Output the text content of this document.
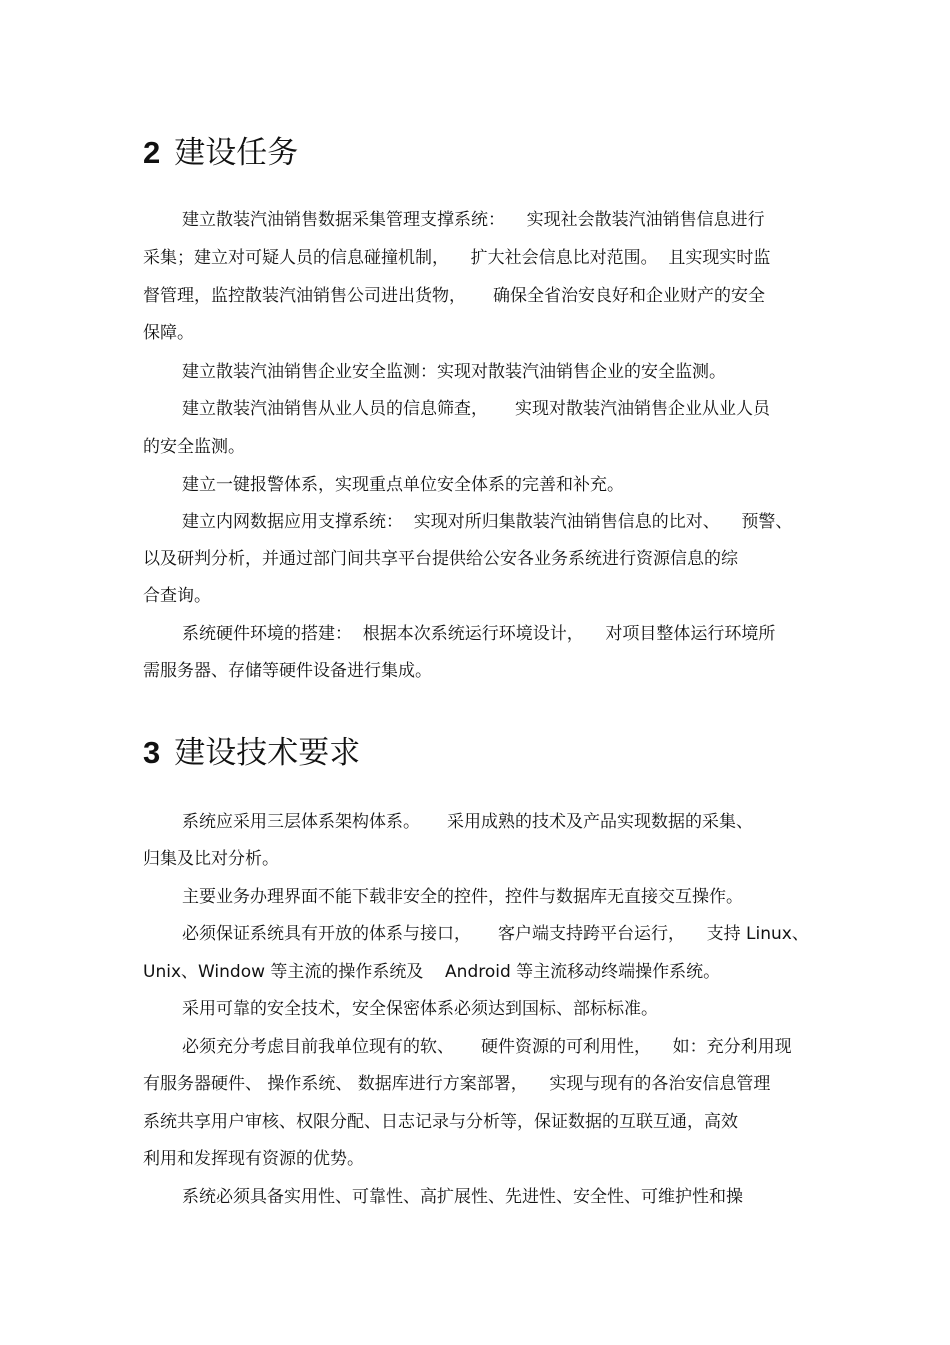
2 建设任务

建立散装汽油销售数据采集管理支撑系统：    实现社会散装汽油销售信息进行

采集；建立对可疑人员的信息碰撞机制，    扩大社会信息比对范围。  且实现实时监

督管理，监控散装汽油销售公司进出货物，     确保全省治安良好和企业财产的安全

保障。

建立散装汽油销售企业安全监测：实现对散装汽油销售企业的安全监测。

建立散装汽油销售从业人员的信息筛查，     实现对散装汽油销售企业从业人员

的安全监测。

建立一键报警体系，实现重点单位安全体系的完善和补充。

建立内网数据应用支撑系统：  实现对所归集散装汽油销售信息的比对、    预警、

以及研判分析，并通过部门间共享平台提供给公安各业务系统进行资源信息的综

合查询。

系统硬件环境的搭建：  根据本次系统运行环境设计，    对项目整体运行环境所

需服务器、存储等硬件设备进行集成。

3 建设技术要求

系统应采用三层体系架构体系。     采用成熟的技术及产品实现数据的采集、

归集及比对分析。

主要业务办理界面不能下载非安全的控件，控件与数据库无直接交互操作。

必须保证系统具有开放的体系与接口，     客户端支持跨平台运行，    支持 Linux、

Unix、Window 等主流的操作系统及    Android 等主流移动终端操作系统。

采用可靠的安全技术，安全保密体系必须达到国标、部标标准。

必须充分考虑目前我单位现有的软、     硬件资源的可利用性，    如：充分利用现

有服务器硬件、 操作系统、 数据库进行方案部署，    实现与现有的各治安信息管理

系统共享用户审核、权限分配、日志记录与分析等，保证数据的互联互通，高效

利用和发挥现有资源的优势。

系统必须具备实用性、可靠性、高扩展性、先进性、安全性、可维护性和操
